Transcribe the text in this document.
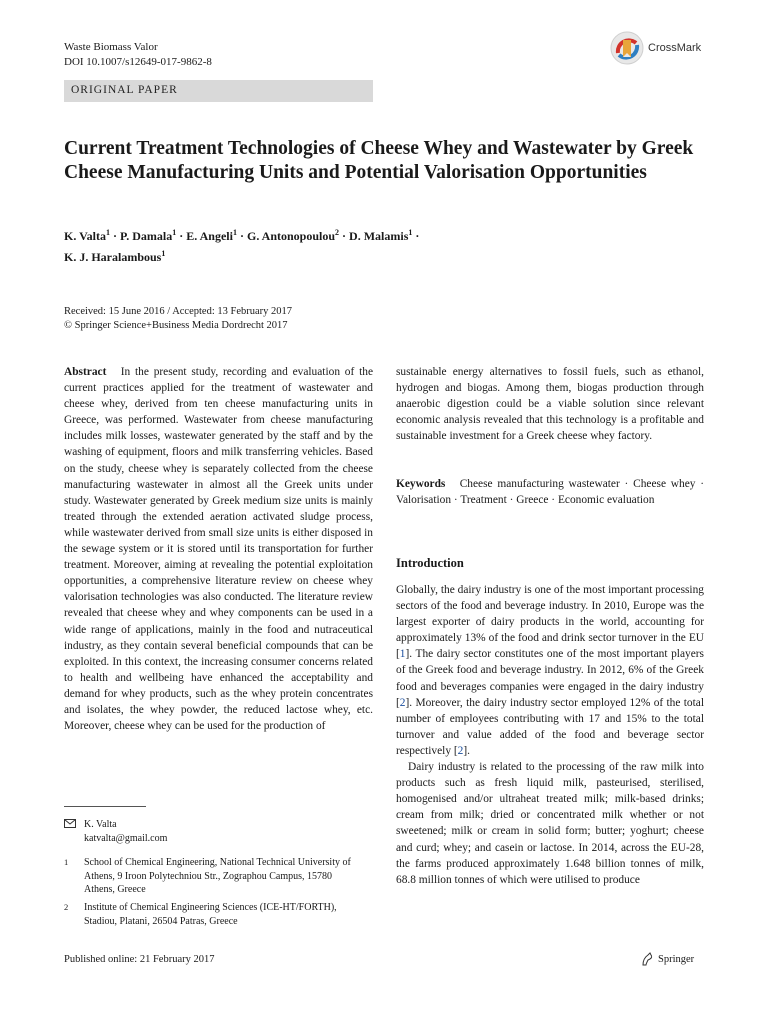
Waste Biomass Valor
DOI 10.1007/s12649-017-9862-8
CrossMark
ORIGINAL PAPER
Current Treatment Technologies of Cheese Whey and Wastewater by Greek Cheese Manufacturing Units and Potential Valorisation Opportunities
K. Valta$^1$ · P. Damala$^1$ · E. Angeli$^1$ · G. Antonopoulou$^2$ · D. Malamis$^1$ ·
K. J. Haralambous$^1$
Received: 15 June 2016 / Accepted: 13 February 2017
© Springer Science+Business Media Dordrecht 2017
Abstract In the present study, recording and evaluation of the current practices applied for the treatment of wastewater and cheese whey, derived from ten cheese manufacturing units in Greece, was performed. Wastewater from cheese manufacturing includes milk losses, wastewater generated by the staff and by the washing of equipment, floors and milk transferring vehicles. Based on the study, cheese whey is separately collected from the cheese manufacturing wastewater in almost all the Greek units under study. Wastewater generated by Greek medium size units is mainly treated through the extended aeration activated sludge process, while wastewater derived from small size units is either disposed in the sewage system or it is stored until its transportation for further treatment. Moreover, aiming at revealing the potential exploitation opportunities, a comprehensive literature review on cheese whey valorisation technologies was also conducted. The literature review revealed that cheese whey and whey components can be used in a wide range of applications, mainly in the food and nutraceutical industry, as they contain several beneficial compounds that can be exploited. In this context, the increasing consumer concerns related to health and wellbeing have enhanced the acceptability and demand for whey products, such as the whey protein concentrates and isolates, the whey powder, the reduced lactose whey, etc. Moreover, cheese whey can be used for the production of
sustainable energy alternatives to fossil fuels, such as ethanol, hydrogen and biogas. Among them, biogas production through anaerobic digestion could be a viable solution since relevant economic analysis revealed that this technology is a profitable and sustainable investment for a Greek cheese whey factory.
Keywords Cheese manufacturing wastewater · Cheese whey · Valorisation · Treatment · Greece · Economic evaluation
Introduction

Globally, the dairy industry is one of the most important processing sectors of the food and beverage industry. In 2010, Europe was the largest exporter of dairy products in the world, accounting for approximately 13% of the food and drink sector turnover in the EU [1]. The dairy sector constitutes one of the most important players of the Greek food and beverage industry. In 2012, 6% of the Greek food and beverages companies were engaged in the dairy industry [2]. Moreover, the dairy industry sector employed 12% of the total number of employees contributing with 17 and 15% to the total turnover and value added of the food and beverage sector respectively [2].

Dairy industry is related to the processing of the raw milk into products such as fresh liquid milk, pasteurised, sterilised, homogenised and/or ultraheat treated milk; milk-based drinks; cream from milk; dried or concentrated milk whether or not sweetened; milk or cream in solid form; butter; yoghurt; cheese and curd; whey; and casein or lactose. In 2014, across the EU-28, the farms produced approximately 1.648 billion tonnes of milk, 68.8 million tonnes of which were utilised to produce

K. Valta
katvalta@gmail.com
1 School of Chemical Engineering, National Technical University of Athens, 9 Iroon Polytechniou Str., Zographou Campus, 15780 Athens, Greece
2 Institute of Chemical Engineering Sciences (ICE-HT/FORTH), Stadiou, Platani, 26504 Patras, Greece
Published online: 21 February 2017	Springer
